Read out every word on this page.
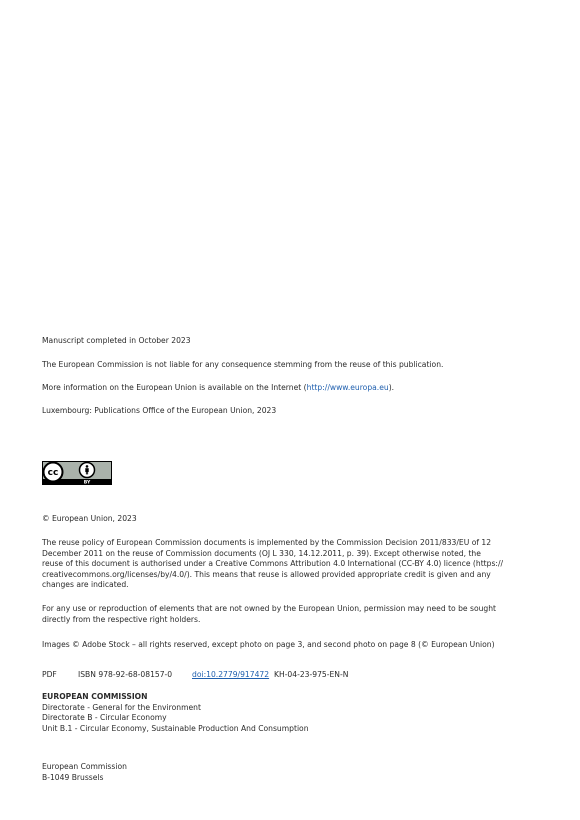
Manuscript completed in October 2023
The European Commission is not liable for any consequence stemming from the reuse of this publication.
More information on the European Union is available on the Internet (http://www.europa.eu).
Luxembourg: Publications Office of the European Union, 2023
cc
BY
© European Union, 2023

The reuse policy of European Commission documents is implemented by the Commission Decision 2011/833/EU of 12

December 2011 on the reuse of Commission documents (OJ L 330, 14.12.2011, p. 39). Except otherwise noted, the

reuse of this document is authorised under a Creative Commons Attribution 4.0 International (CC-BY 4.0) licence (https://

creativecommons.org/licenses/by/4.0/). This means that reuse is allowed provided appropriate credit is given and any

changes are indicated.

For any use or reproduction of elements that are not owned by the European Union, permission may need to be sought

directly from the respective right holders.

Images © Adobe Stock – all rights reserved, except photo on page 3, and second photo on page 8 (© European Union)
PDF	ISBN 978-92-68-08157-0	doi:10.2779/917472 KH-04-23-975-EN-N

EUROPEAN COMMISSION

Directorate - General for the Environment

Directorate B - Circular Economy

Unit B.1 - Circular Economy, Sustainable Production And Consumption

European Commission

B-1049 Brussels
